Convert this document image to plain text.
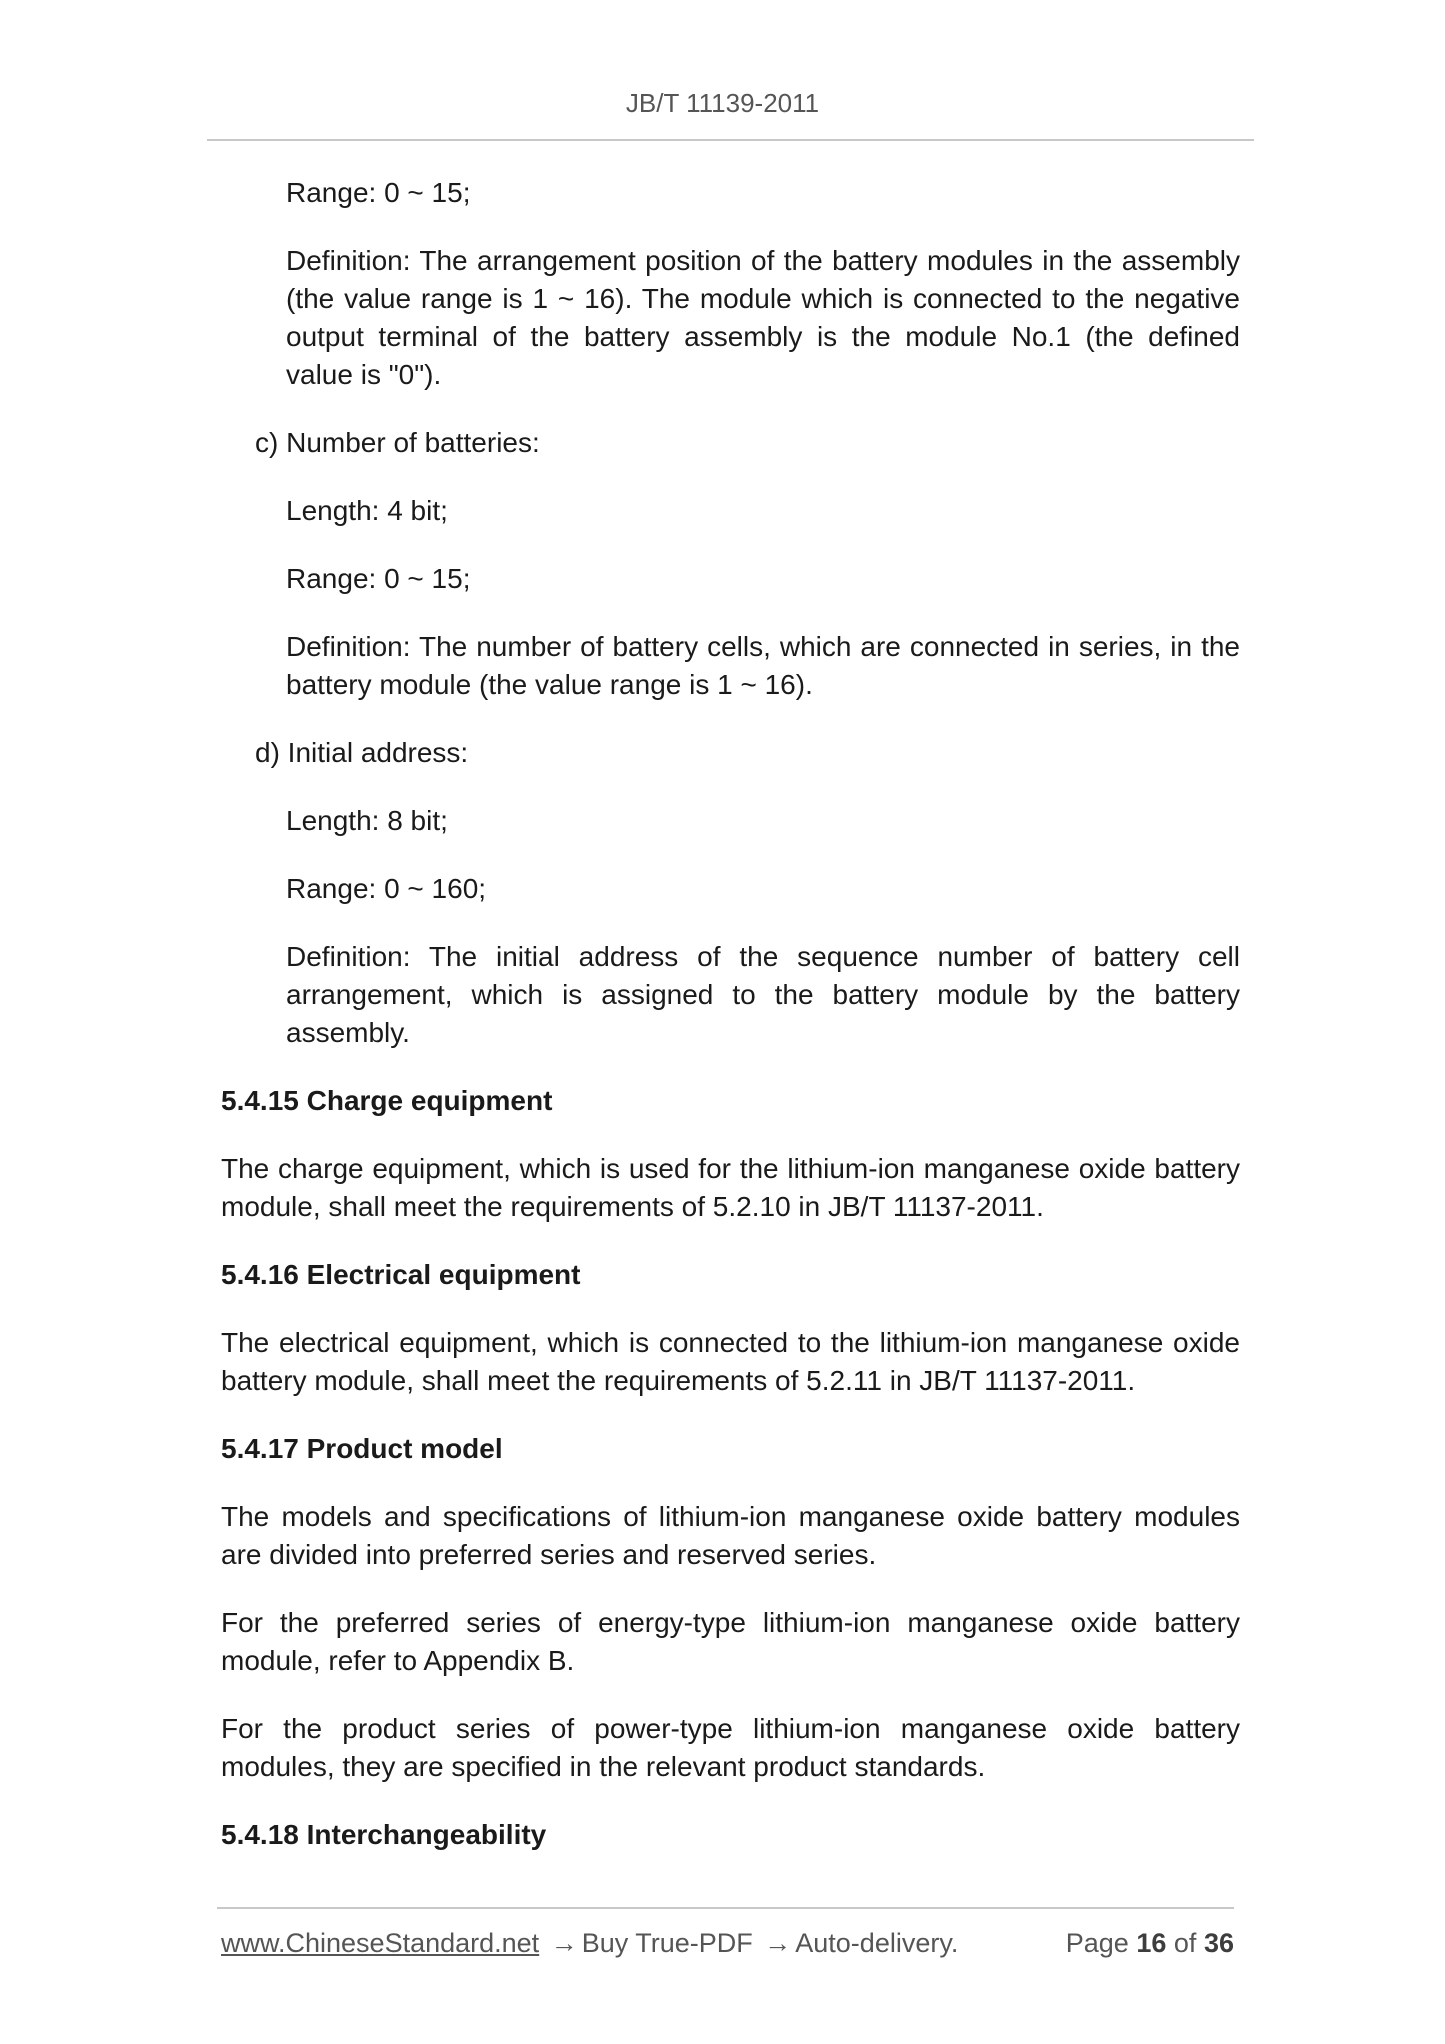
JB/T 11139-2011

Range: 0 ~ 15;

Definition: The arrangement position of the battery modules in the assembly (the value range is 1 ~ 16). The module which is connected to the negative output terminal of the battery assembly is the module No.1 (the defined value is "0").

c) Number of batteries:

Length: 4 bit;

Range: 0 ~ 15;

Definition: The number of battery cells, which are connected in series, in the battery module (the value range is 1 ~ 16).

d) Initial address:

Length: 8 bit;

Range: 0 ~ 160;

Definition: The initial address of the sequence number of battery cell arrangement, which is assigned to the battery module by the battery assembly.

5.4.15 Charge equipment

The charge equipment, which is used for the lithium-ion manganese oxide battery module, shall meet the requirements of 5.2.10 in JB/T 11137-2011.

5.4.16 Electrical equipment

The electrical equipment, which is connected to the lithium-ion manganese oxide battery module, shall meet the requirements of 5.2.11 in JB/T 11137-2011.

5.4.17 Product model

The models and specifications of lithium-ion manganese oxide battery modules are divided into preferred series and reserved series.

For the preferred series of energy-type lithium-ion manganese oxide battery module, refer to Appendix B.

For the product series of power-type lithium-ion manganese oxide battery modules, they are specified in the relevant product standards.

5.4.18 Interchangeability
www.ChineseStandard.net → Buy True-PDF → Auto-delivery.	Page 16 of 36
